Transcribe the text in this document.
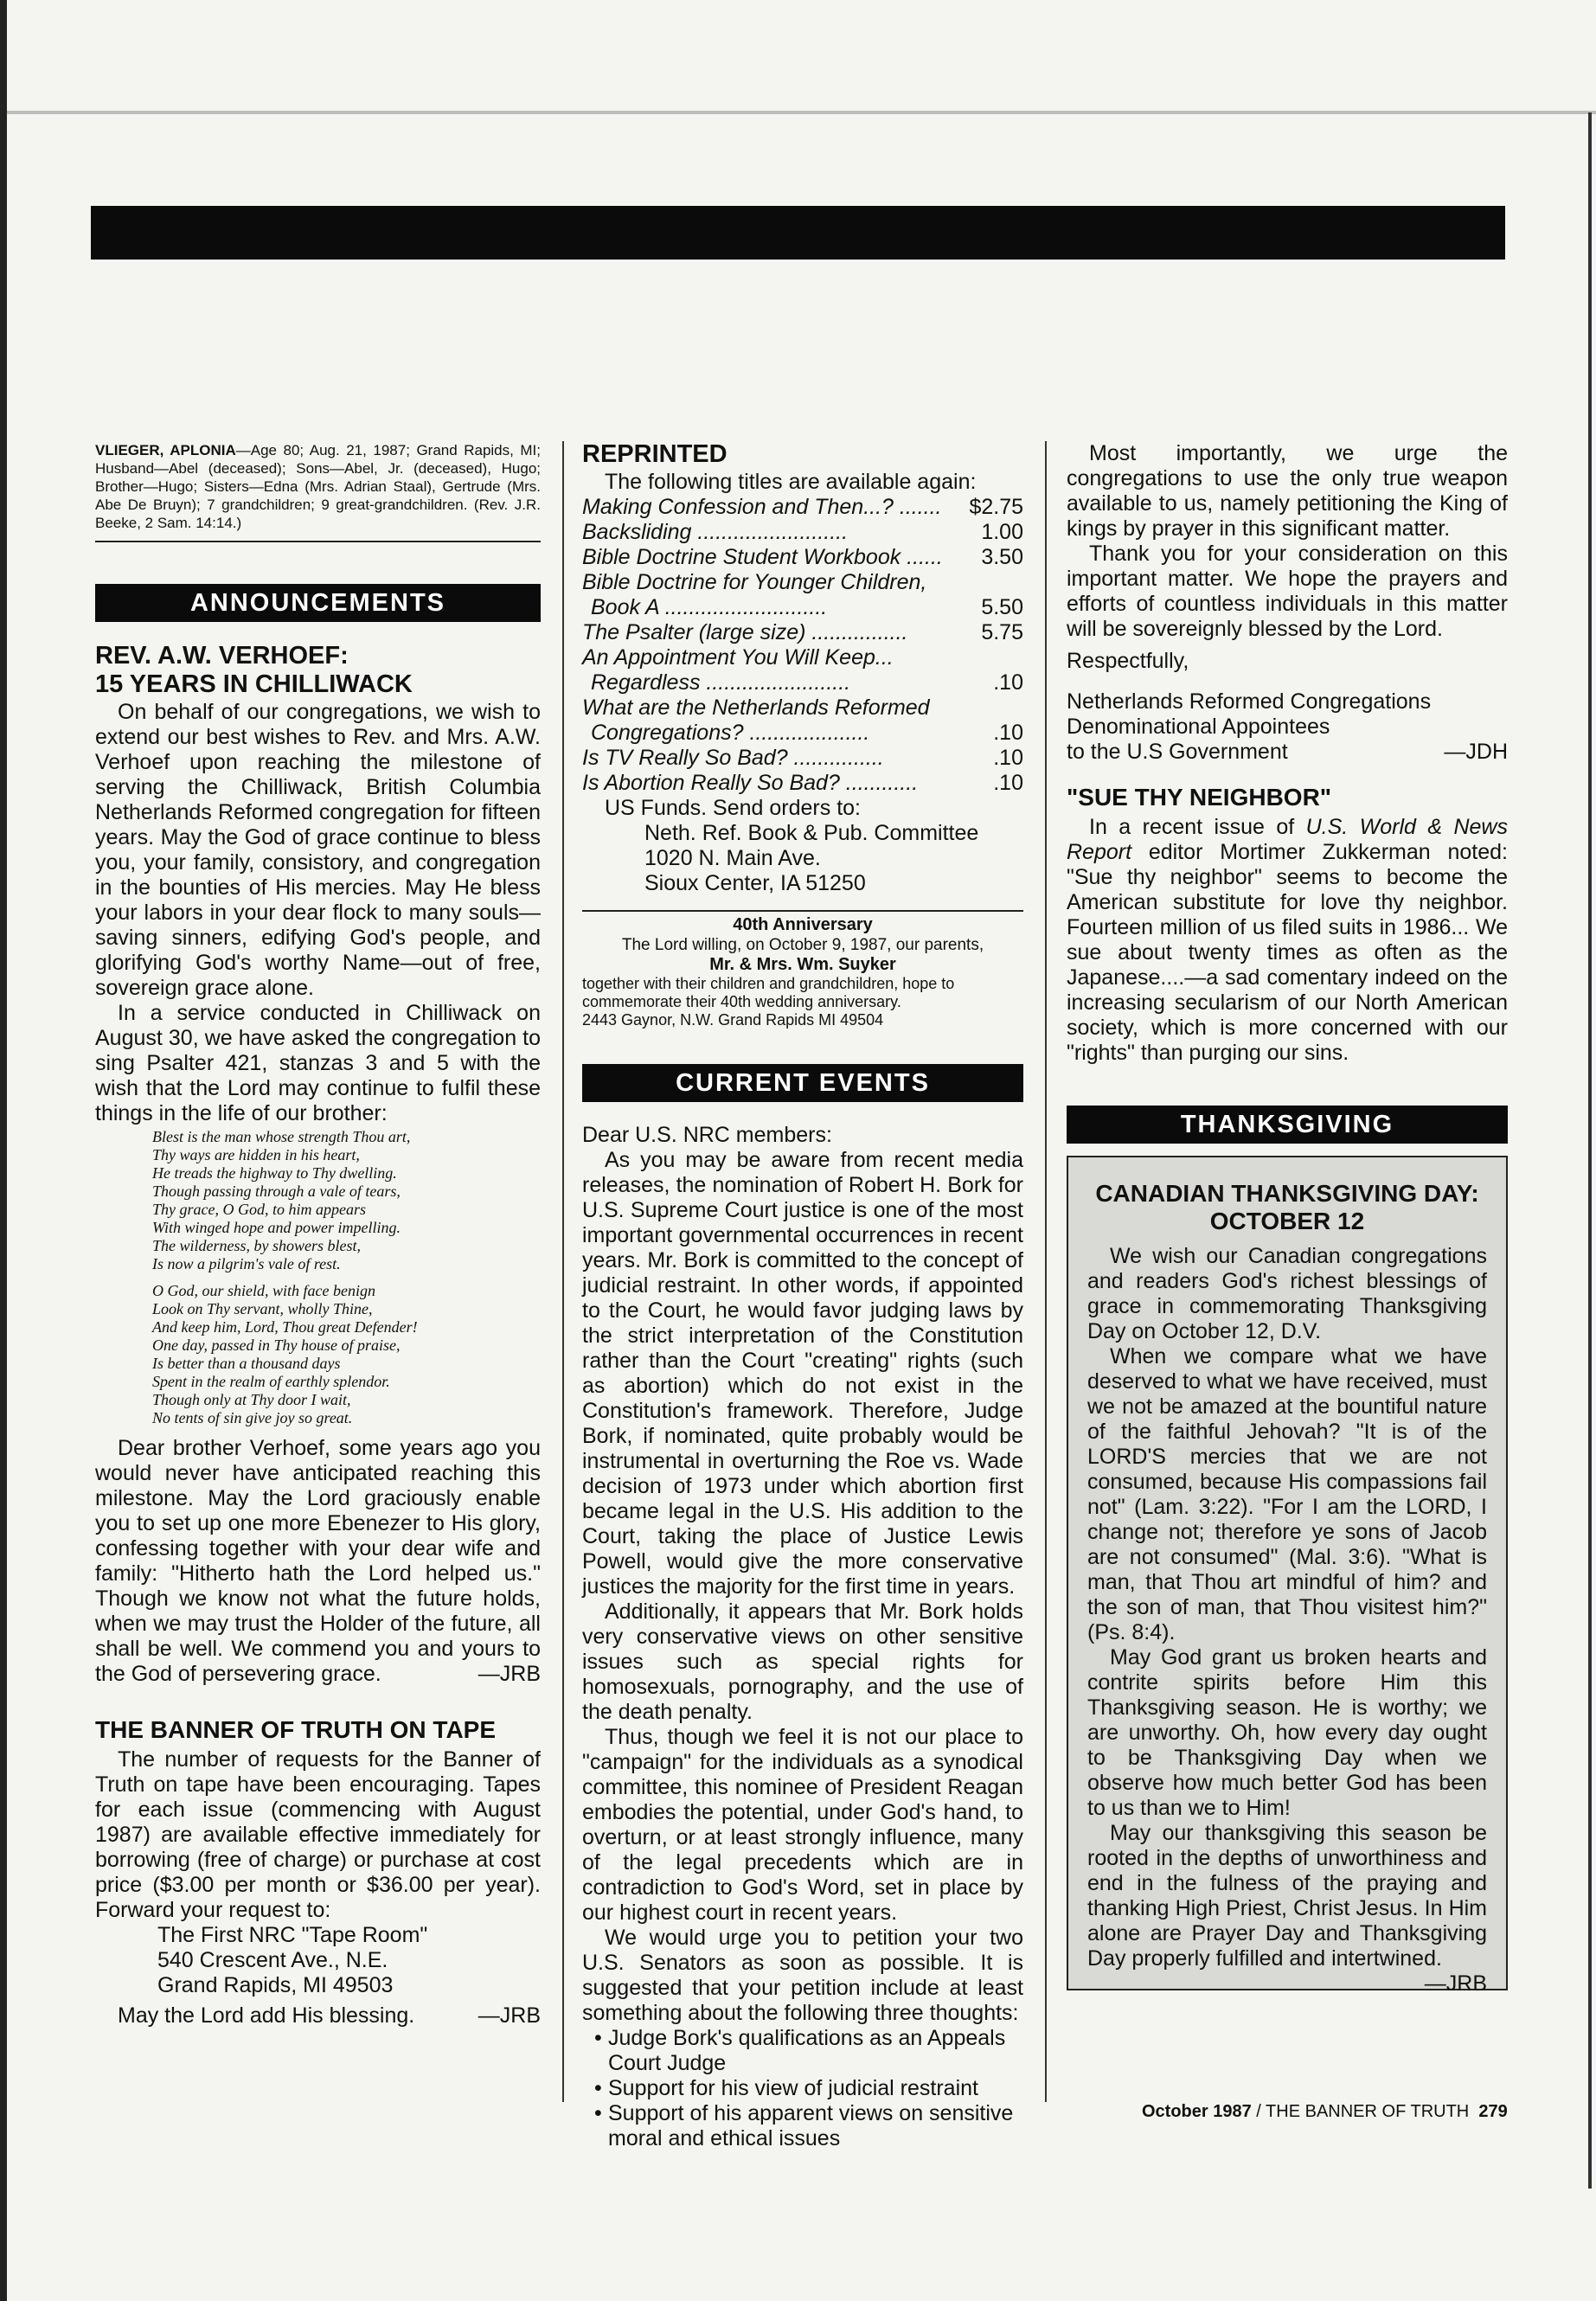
VLIEGER, APLONIA—Age 80; Aug. 21, 1987; Grand Rapids, MI; Husband—Abel (deceased); Sons—Abel, Jr. (deceased), Hugo; Brother—Hugo; Sisters—Edna (Mrs. Adrian Staal), Gertrude (Mrs. Abe De Bruyn); 7 grandchildren; 9 great-grandchildren. (Rev. J.R. Beeke, 2 Sam. 14:14.)
ANNOUNCEMENTS
REV. A.W. VERHOEF:
15 YEARS IN CHILLIWACK

On behalf of our congregations, we wish to extend our best wishes to Rev. and Mrs. A.W. Verhoef upon reaching the milestone of serving the Chilliwack, British Columbia Netherlands Reformed congregation for fifteen years. May the God of grace continue to bless you, your family, consistory, and congregation in the bounties of His mercies. May He bless your labors in your dear flock to many souls—saving sinners, edifying God's people, and glorifying God's worthy Name—out of free, sovereign grace alone.

In a service conducted in Chilliwack on August 30, we have asked the congregation to sing Psalter 421, stanzas 3 and 5 with the wish that the Lord may continue to fulfil these things in the life of our brother:

Blest is the man whose strength Thou art,
Thy ways are hidden in his heart,
He treads the highway to Thy dwelling.
Though passing through a vale of tears,
Thy grace, O God, to him appears
With winged hope and power impelling.
The wilderness, by showers blest,
Is now a pilgrim's vale of rest.
O God, our shield, with face benign
Look on Thy servant, wholly Thine,
And keep him, Lord, Thou great Defender!
One day, passed in Thy house of praise,
Is better than a thousand days
Spent in the realm of earthly splendor.
Though only at Thy door I wait,
No tents of sin give joy so great.

Dear brother Verhoef, some years ago you would never have anticipated reaching this milestone. May the Lord graciously enable you to set up one more Ebenezer to His glory, confessing together with your dear wife and family: "Hitherto hath the Lord helped us." Though we know not what the future holds, when we may trust the Holder of the future, all shall be well. We commend you and yours to the God of persevering grace.	—JRB

THE BANNER OF TRUTH ON TAPE

The number of requests for the Banner of Truth on tape have been encouraging. Tapes for each issue (commencing with August 1987) are available effective immediately for borrowing (free of charge) or purchase at cost price ($3.00 per month or $36.00 per year). Forward your request to:

The First NRC "Tape Room"
540 Crescent Ave., N.E.
Grand Rapids, MI 49503
May the Lord add His blessing.	—JRB
REPRINTED

The following titles are available again:

Making Confession and Then...? ....... $2.75
Backsliding .........................	1.00
Bible Doctrine Student Workbook ...... 3.50
Bible Doctrine for Younger Children,
Book A ...........................	5.50
The Psalter (large size) ................	5.75
An Appointment You Will Keep...
Regardless ........................	.10
What are the Netherlands Reformed
Congregations? ....................	.10
Is TV Really So Bad? ...............	.10
Is Abortion Really So Bad? ............	.10

US Funds. Send orders to:

Neth. Ref. Book & Pub. Committee
1020 N. Main Ave.
Sioux Center, IA 51250
40th Anniversary
The Lord willing, on October 9, 1987, our parents,
Mr. & Mrs. Wm. Suyker
together with their children and grandchildren, hope to commemorate their 40th wedding anniversary.
2443 Gaynor, N.W. Grand Rapids MI 49504
CURRENT EVENTS

Dear U.S. NRC members:

As you may be aware from recent media releases, the nomination of Robert H. Bork for U.S. Supreme Court justice is one of the most important governmental occurrences in recent years. Mr. Bork is committed to the concept of judicial restraint. In other words, if appointed to the Court, he would favor judging laws by the strict interpretation of the Constitution rather than the Court "creating" rights (such as abortion) which do not exist in the Constitution's framework. Therefore, Judge Bork, if nominated, quite probably would be instrumental in overturning the Roe vs. Wade decision of 1973 under which abortion first became legal in the U.S. His addition to the Court, taking the place of Justice Lewis Powell, would give the more conservative justices the majority for the first time in years.

Additionally, it appears that Mr. Bork holds very conservative views on other sensitive issues such as special rights for homosexuals, pornography, and the use of the death penalty.

Thus, though we feel it is not our place to "campaign" for the individuals as a synodical committee, this nominee of President Reagan embodies the potential, under God's hand, to overturn, or at least strongly influence, many of the legal precedents which are in contradiction to God's Word, set in place by our highest court in recent years.

We would urge you to petition your two U.S. Senators as soon as possible. It is suggested that your petition include at least something about the following three thoughts:

• Judge Bork's qualifications as an Appeals Court Judge
• Support for his view of judicial restraint
• Support of his apparent views on sensitive moral and ethical issues

Most importantly, we urge the congregations to use the only true weapon available to us, namely petitioning the King of kings by prayer in this significant matter.

Thank you for your consideration on this important matter. We hope the prayers and efforts of countless individuals in this matter will be sovereignly blessed by the Lord.

Respectfully,

Netherlands Reformed Congregations
Denominational Appointees
to the U.S Government	—JDH
"SUE THY NEIGHBOR"

In a recent issue of U.S. World & News Report editor Mortimer Zukkerman noted: "Sue thy neighbor" seems to become the American substitute for love thy neighbor. Fourteen million of us filed suits in 1986... We sue about twenty times as often as the Japanese....—a sad comentary indeed on the increasing secularism of our North American society, which is more concerned with our "rights" than purging our sins.

THANKSGIVING
CANADIAN THANKSGIVING DAY:
OCTOBER 12

We wish our Canadian congregations and readers God's richest blessings of grace in commemorating Thanksgiving Day on October 12, D.V.

When we compare what we have deserved to what we have received, must we not be amazed at the bountiful nature of the faithful Jehovah? "It is of the LORD'S mercies that we are not consumed, because His compassions fail not" (Lam. 3:22). "For I am the LORD, I change not; therefore ye sons of Jacob are not consumed" (Mal. 3:6). "What is man, that Thou art mindful of him? and the son of man, that Thou visitest him?" (Ps. 8:4).

May God grant us broken hearts and contrite spirits before Him this Thanksgiving season. He is worthy; we are unworthy. Oh, how every day ought to be Thanksgiving Day when we observe how much better God has been to us than we to Him!

May our thanksgiving this season be rooted in the depths of unworthiness and end in the fulness of the praying and thanking High Priest, Christ Jesus. In Him alone are Prayer Day and Thanksgiving Day properly fulfilled and intertwined.
—JRB

October 1987 / THE BANNER OF TRUTH 279
